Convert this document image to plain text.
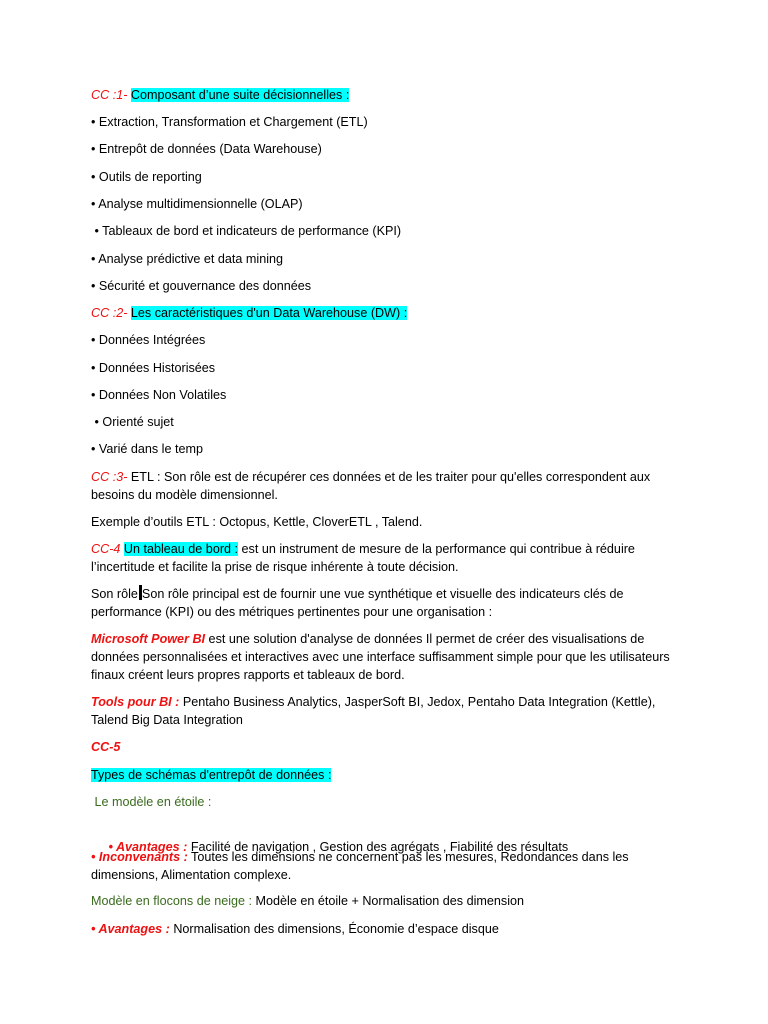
CC :1- Composant d’une suite décisionnelles :
• Extraction, Transformation et Chargement (ETL)
• Entrepôt de données (Data Warehouse)
• Outils de reporting
• Analyse multidimensionnelle (OLAP)
• Tableaux de bord et indicateurs de performance (KPI)
• Analyse prédictive et data mining
• Sécurité et gouvernance des données
CC :2- Les caractéristiques d'un Data Warehouse (DW) :
• Données Intégrées
• Données Historisées
• Données Non Volatiles
• Orienté sujet
• Varié dans le temp
CC :3- ETL : Son rôle est de récupérer ces données et de les traiter pour qu'elles correspondent aux besoins du modèle dimensionnel.
Exemple d’outils ETL : Octopus, Kettle, CloverETL , Talend.
CC-4 Un tableau de bord : est un instrument de mesure de la performance qui contribue à réduire l’incertitude et facilite la prise de risque inhérente à toute décision.
Son rôle Son rôle principal est de fournir une vue synthétique et visuelle des indicateurs clés de performance (KPI) ou des métriques pertinentes pour une organisation :
Microsoft Power BI est une solution d'analyse de données Il permet de créer des visualisations de données personnalisées et interactives avec une interface suffisamment simple pour que les utilisateurs finaux créent leurs propres rapports et tableaux de bord.
Tools pour BI : Pentaho Business Analytics, JasperSoft BI, Jedox, Pentaho Data Integration (Kettle), Talend Big Data Integration
CC-5
Types de schémas d'entrepôt de données :
Le modèle en étoile :

• Avantages : Facilité de navigation , Gestion des agrégats , Fiabilité des résultats

• Inconvenants : Toutes les dimensions ne concernent pas les mesures, Redondances dans les dimensions, Alimentation complexe.
Modèle en flocons de neige : Modèle en étoile + Normalisation des dimension
• Avantages : Normalisation des dimensions, Économie d’espace disque
